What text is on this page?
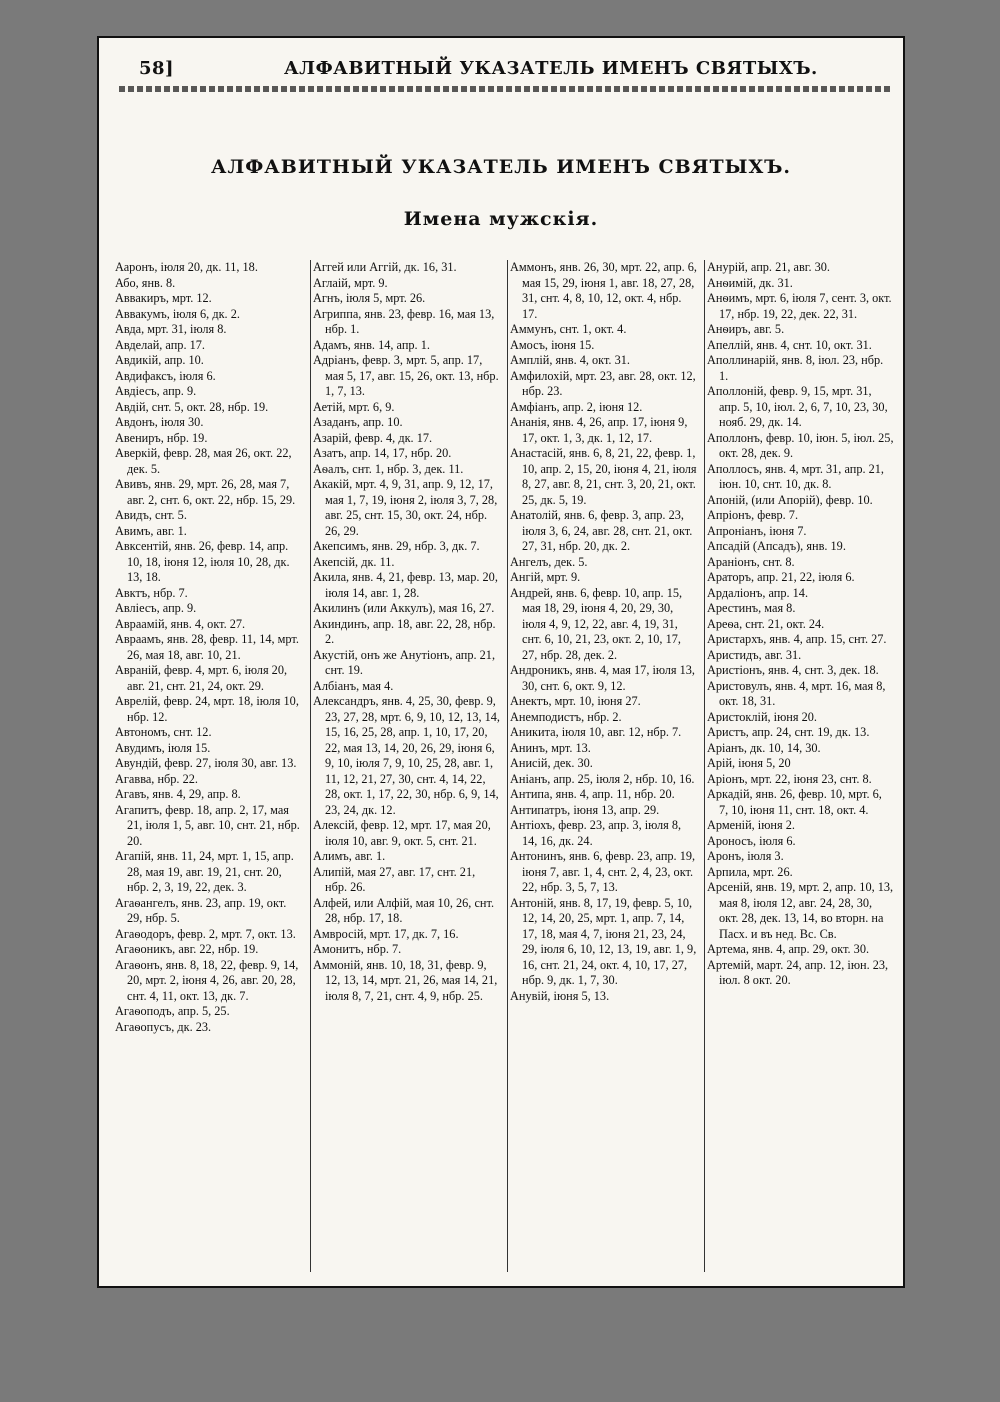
58]	АЛФАВИТНЫЙ УКАЗАТЕЛЬ ИМЕНЪ СВЯТЫХЪ.
АЛФАВИТНЫЙ УКАЗАТЕЛЬ ИМЕНЪ СВЯТЫХЪ.
Имена мужскія.

Ааронъ, іюля 20, дк. 11, 18.

Або, янв. 8.

Аввакиръ, мрт. 12.

Аввакумъ, іюля 6, дк. 2.

Авда, мрт. 31, іюля 8.

Авделай, апр. 17.

Авдикій, апр. 10.

Авдифаксъ, іюля 6.

Авдіесъ, апр. 9.

Авдій, снт. 5, окт. 28, нбр. 19.

Авдонъ, іюля 30.

Авениръ, нбр. 19.

Аверкій, февр. 28, мая 26, окт. 22, дек. 5.

Авивъ, янв. 29, мрт. 26, 28, мая 7, авг. 2, снт. 6, окт. 22, нбр. 15, 29.

Авидъ, снт. 5.

Авимъ, авг. 1.

Авксентій, янв. 26, февр. 14, апр. 10, 18, іюня 12, іюля 10, 28, дк. 13, 18.

Авктъ, нбр. 7.

Авліесъ, апр. 9.

Авраамій, янв. 4, окт. 27.

Авраамъ, янв. 28, февр. 11, 14, мрт. 26, мая 18, авг. 10, 21.

Авраній, февр. 4, мрт. 6, іюля 20, авг. 21, снт. 21, 24, окт. 29.

Аврелій, февр. 24, мрт. 18, іюля 10, нбр. 12.

Автономъ, снт. 12.

Авудимъ, іюля 15.

Авундій, февр. 27, іюля 30, авг. 13.

Агавва, нбр. 22.

Агавъ, янв. 4, 29, апр. 8.

Агапитъ, февр. 18, апр. 2, 17, мая 21, іюля 1, 5, авг. 10, снт. 21, нбр. 20.

Агапій, янв. 11, 24, мрт. 1, 15, апр. 28, мая 19, авг. 19, 21, снт. 20, нбр. 2, 3, 19, 22, дек. 3.

Агаѳангелъ, янв. 23, апр. 19, окт. 29, нбр. 5.

Агаѳодоръ, февр. 2, мрт. 7, окт. 13.

Агаѳоникъ, авг. 22, нбр. 19.

Агаѳонъ, янв. 8, 18, 22, февр. 9, 14, 20, мрт. 2, іюня 4, 26, авг. 20, 28, снт. 4, 11, окт. 13, дк. 7.

Агаѳоподъ, апр. 5, 25.

Агаѳопусъ, дк. 23.

Аггей или Аггій, дк. 16, 31.

Аглаій, мрт. 9.

Агнъ, іюля 5, мрт. 26.

Агриппа, янв. 23, февр. 16, мая 13, нбр. 1.

Адамъ, янв. 14, апр. 1.

Адріанъ, февр. 3, мрт. 5, апр. 17, мая 5, 17, авг. 15, 26, окт. 13, нбр. 1, 7, 13.

Аетій, мрт. 6, 9.

Азаданъ, апр. 10.

Азарій, февр. 4, дк. 17.

Азатъ, апр. 14, 17, нбр. 20.

Аѳалъ, снт. 1, нбр. 3, дек. 11.

Акакій, мрт. 4, 9, 31, апр. 9, 12, 17, мая 1, 7, 19, іюня 2, іюля 3, 7, 28, авг. 25, снт. 15, 30, окт. 24, нбр. 26, 29.

Акепсимъ, янв. 29, нбр. 3, дк. 7.

Акепсій, дк. 11.

Акила, янв. 4, 21, февр. 13, мар. 20, іюля 14, авг. 1, 28.

Акилинъ (или Аккулъ), мая 16, 27.

Акиндинъ, апр. 18, авг. 22, 28, нбр. 2.

Акустій, онъ же Анутіонъ, апр. 21, снт. 19.

Албіанъ, мая 4.

Александръ, янв. 4, 25, 30, февр. 9, 23, 27, 28, мрт. 6, 9, 10, 12, 13, 14, 15, 16, 25, 28, апр. 1, 10, 17, 20, 22, мая 13, 14, 20, 26, 29, іюня 6, 9, 10, іюля 7, 9, 10, 25, 28, авг. 1, 11, 12, 21, 27, 30, снт. 4, 14, 22, 28, окт. 1, 17, 22, 30, нбр. 6, 9, 14, 23, 24, дк. 12.

Алексій, февр. 12, мрт. 17, мая 20, іюля 10, авг. 9, окт. 5, снт. 21.

Алимъ, авг. 1.

Алипій, мая 27, авг. 17, снт. 21, нбр. 26.

Алфей, или Алфій, мая 10, 26, снт. 28, нбр. 17, 18.

Амвросій, мрт. 17, дк. 7, 16.

Амонитъ, нбр. 7.

Аммоній, янв. 10, 18, 31, февр. 9, 12, 13, 14, мрт. 21, 26, мая 14, 21, іюля 8, 7, 21, снт. 4, 9, нбр. 25.

Аммонъ, янв. 26, 30, мрт. 22, апр. 6, мая 15, 29, іюня 1, авг. 18, 27, 28, 31, снт. 4, 8, 10, 12, окт. 4, нбр. 17.

Аммунъ, снт. 1, окт. 4.

Амосъ, іюня 15.

Амплій, янв. 4, окт. 31.

Амфилохій, мрт. 23, авг. 28, окт. 12, нбр. 23.

Амфіанъ, апр. 2, іюня 12.

Ананія, янв. 4, 26, апр. 17, іюня 9, 17, окт. 1, 3, дк. 1, 12, 17.

Анастасій, янв. 6, 8, 21, 22, февр. 1, 10, апр. 2, 15, 20, іюня 4, 21, іюля 8, 27, авг. 8, 21, снт. 3, 20, 21, окт. 25, дк. 5, 19.

Анатолій, янв. 6, февр. 3, апр. 23, іюля 3, 6, 24, авг. 28, снт. 21, окт. 27, 31, нбр. 20, дк. 2.

Ангелъ, дек. 5.

Ангій, мрт. 9.

Андрей, янв. 6, февр. 10, апр. 15, мая 18, 29, іюня 4, 20, 29, 30, іюля 4, 9, 12, 22, авг. 4, 19, 31, снт. 6, 10, 21, 23, окт. 2, 10, 17, 27, нбр. 28, дек. 2.

Андроникъ, янв. 4, мая 17, іюля 13, 30, снт. 6, окт. 9, 12.

Анектъ, мрт. 10, іюня 27.

Анемподистъ, нбр. 2.

Аникита, іюля 10, авг. 12, нбр. 7.

Анинъ, мрт. 13.

Анисій, дек. 30.

Аніанъ, апр. 25, іюля 2, нбр. 10, 16.

Антипа, янв. 4, апр. 11, нбр. 20.

Антипатръ, іюня 13, апр. 29.

Антіохъ, февр. 23, апр. 3, іюля 8, 14, 16, дк. 24.

Антонинъ, янв. 6, февр. 23, апр. 19, іюня 7, авг. 1, 4, снт. 2, 4, 23, окт. 22, нбр. 3, 5, 7, 13.

Антоній, янв. 8, 17, 19, февр. 5, 10, 12, 14, 20, 25, мрт. 1, апр. 7, 14, 17, 18, мая 4, 7, іюня 21, 23, 24, 29, іюля 6, 10, 12, 13, 19, авг. 1, 9, 16, снт. 21, 24, окт. 4, 10, 17, 27, нбр. 9, дк. 1, 7, 30.

Анувій, іюня 5, 13.

Анурій, апр. 21, авг. 30.

Анѳимій, дк. 31.

Анѳимъ, мрт. 6, іюля 7, сент. 3, окт. 17, нбр. 19, 22, дек. 22, 31.

Анѳиръ, авг. 5.

Апеллій, янв. 4, снт. 10, окт. 31.

Аполлинарій, янв. 8, іюл. 23, нбр. 1.

Аполлоній, февр. 9, 15, мрт. 31, апр. 5, 10, іюл. 2, 6, 7, 10, 23, 30, нояб. 29, дк. 14.

Аполлонъ, февр. 10, іюн. 5, іюл. 25, окт. 28, дек. 9.

Аполлосъ, янв. 4, мрт. 31, апр. 21, іюн. 10, снт. 10, дк. 8.

Апоній, (или Апорій), февр. 10.

Апріонъ, февр. 7.

Апроніанъ, іюня 7.

Апсадій (Апсадъ), янв. 19.

Араніонъ, снт. 8.

Араторъ, апр. 21, 22, іюля 6.

Ардаліонъ, апр. 14.

Арестинъ, мая 8.

Ареѳа, снт. 21, окт. 24.

Аристархъ, янв. 4, апр. 15, снт. 27.

Аристидъ, авг. 31.

Аристіонъ, янв. 4, снт. 3, дек. 18.

Аристовулъ, янв. 4, мрт. 16, мая 8, окт. 18, 31.

Аристоклій, іюня 20.

Аристъ, апр. 24, снт. 19, дк. 13.

Аріанъ, дк. 10, 14, 30.

Арій, іюня 5, 20

Аріонъ, мрт. 22, іюня 23, снт. 8.

Аркадій, янв. 26, февр. 10, мрт. 6, 7, 10, іюня 11, снт. 18, окт. 4.

Арменій, іюня 2.

Ароносъ, іюля 6.

Аронъ, іюля 3.

Арпила, мрт. 26.

Арсеній, янв. 19, мрт. 2, апр. 10, 13, мая 8, іюля 12, авг. 24, 28, 30, окт. 28, дек. 13, 14, во вторн. на Пасх. и въ нед. Вс. Св.

Артема, янв. 4, апр. 29, окт. 30.

Артемій, март. 24, апр. 12, іюн. 23, іюл. 8 окт. 20.
